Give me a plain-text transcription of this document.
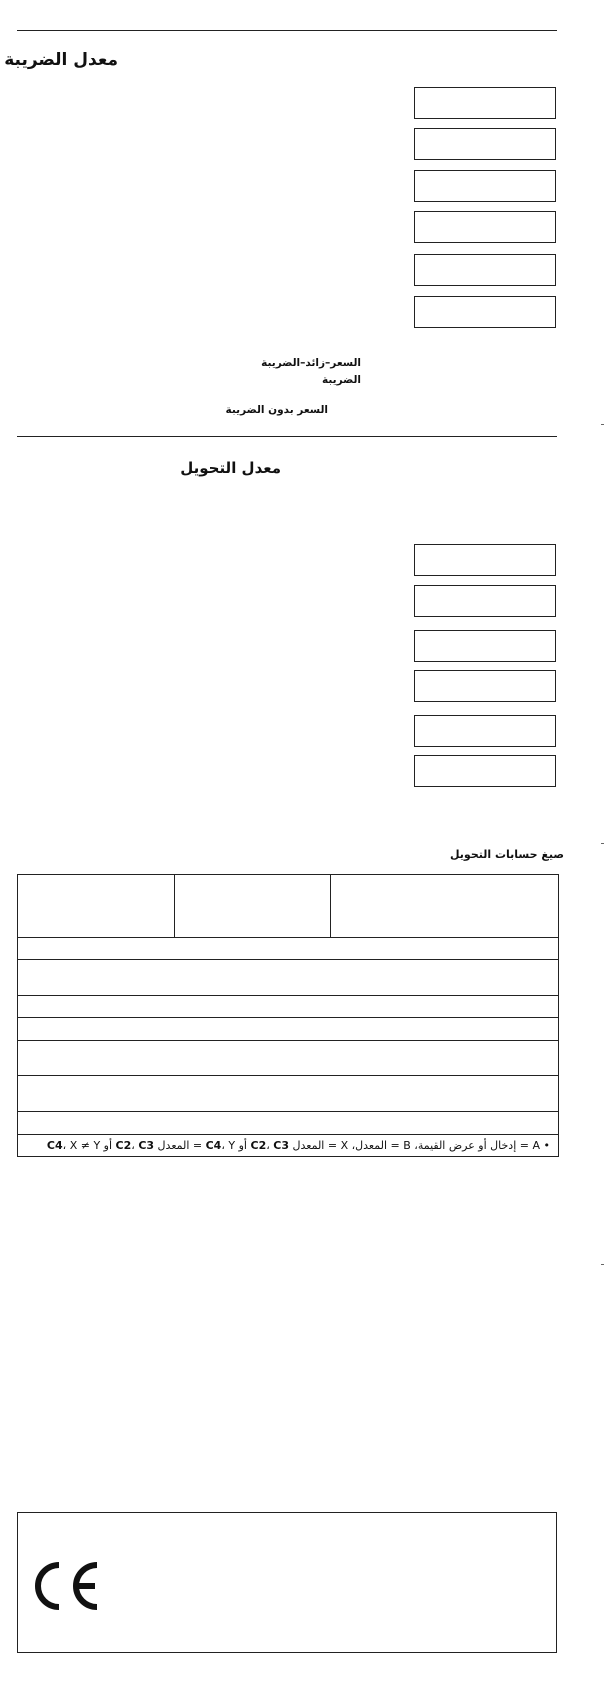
معدل الضريبة
السعر–زائد–الضريبة
الضريبة
السعر بدون الضريبة
معدل التحويل
صيغ حسابات التحويل

• A = إدخال أو عرض القيمة، B = المعدل، X = المعدل C2، C3 أو C4، Y = المعدل C2، C3 أو C4، X ≠ Y
